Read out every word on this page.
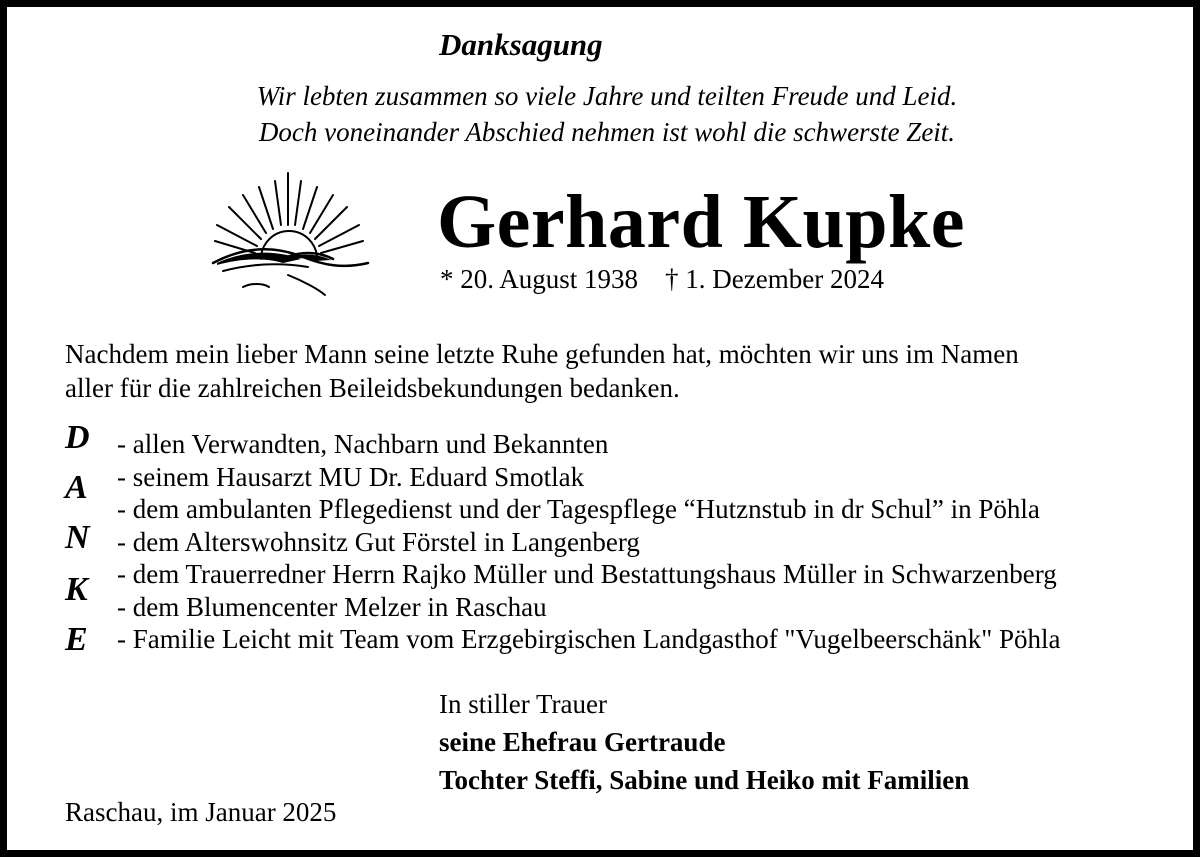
Danksagung
Wir lebten zusammen so viele Jahre und teilten Freude und Leid.
Doch voneinander Abschied nehmen ist wohl die schwerste Zeit.
Gerhard Kupke
* 20. August 1938 † 1. Dezember 2024
Nachdem mein lieber Mann seine letzte Ruhe gefunden hat, möchten wir uns im Namen
aller für die zahlreichen Beileidsbekundungen bedanken.
D
A
N
K
E
- allen Verwandten, Nachbarn und Bekannten
- seinem Hausarzt MU Dr. Eduard Smotlak
- dem ambulanten Pflegedienst und der Tagespflege “Hutznstub in dr Schul” in Pöhla
- dem Alterswohnsitz Gut Förstel in Langenberg
- dem Trauerredner Herrn Rajko Müller und Bestattungshaus Müller in Schwarzenberg
- dem Blumencenter Melzer in Raschau
- Familie Leicht mit Team vom Erzgebirgischen Landgasthof "Vugelbeerschänk" Pöhla
In stiller Trauer
seine Ehefrau Gertraude
Tochter Steffi, Sabine und Heiko mit Familien
Raschau, im Januar 2025
